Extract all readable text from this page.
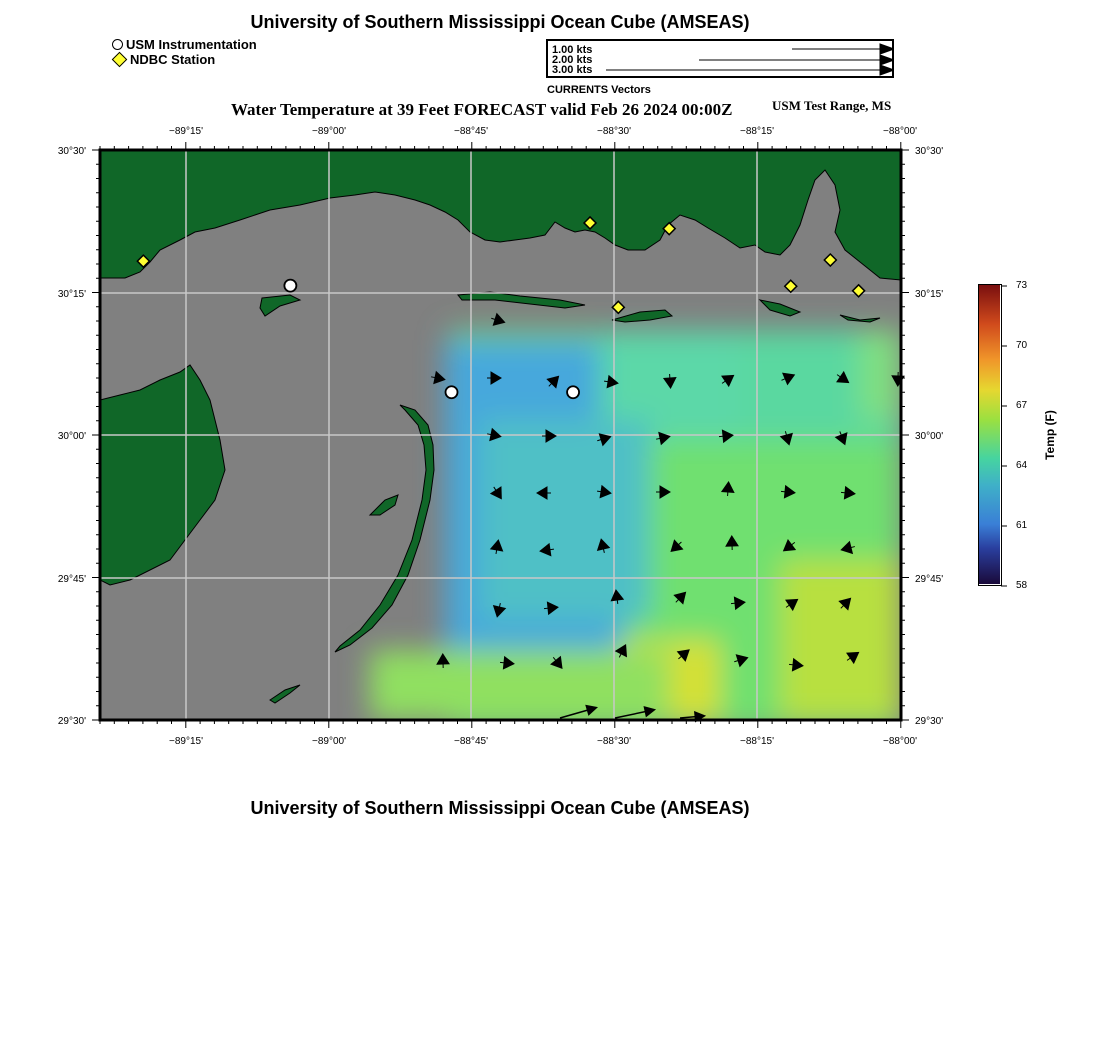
University of Southern Mississippi Ocean Cube (AMSEAS)
USM Instrumentation
NDBC Station
1.00 kts
2.00 kts
3.00 kts
CURRENTS Vectors
Water Temperature at 39 Feet FORECAST valid Feb 26 2024 00:00Z	USM Test Range, MS
−89°15'	−89°00'	−88°45'	−88°30'	−88°15'	−88°00'
−89°15'	−89°00'	−88°45'	−88°30'	−88°15'	−88°00'
30°30'
30°15'
30°00'
29°45'
29°30'
30°30'
30°15'
30°00'
29°45'
29°30'
73
70
67
64
61
58
Temp (F)
University of Southern Mississippi Ocean Cube (AMSEAS)
